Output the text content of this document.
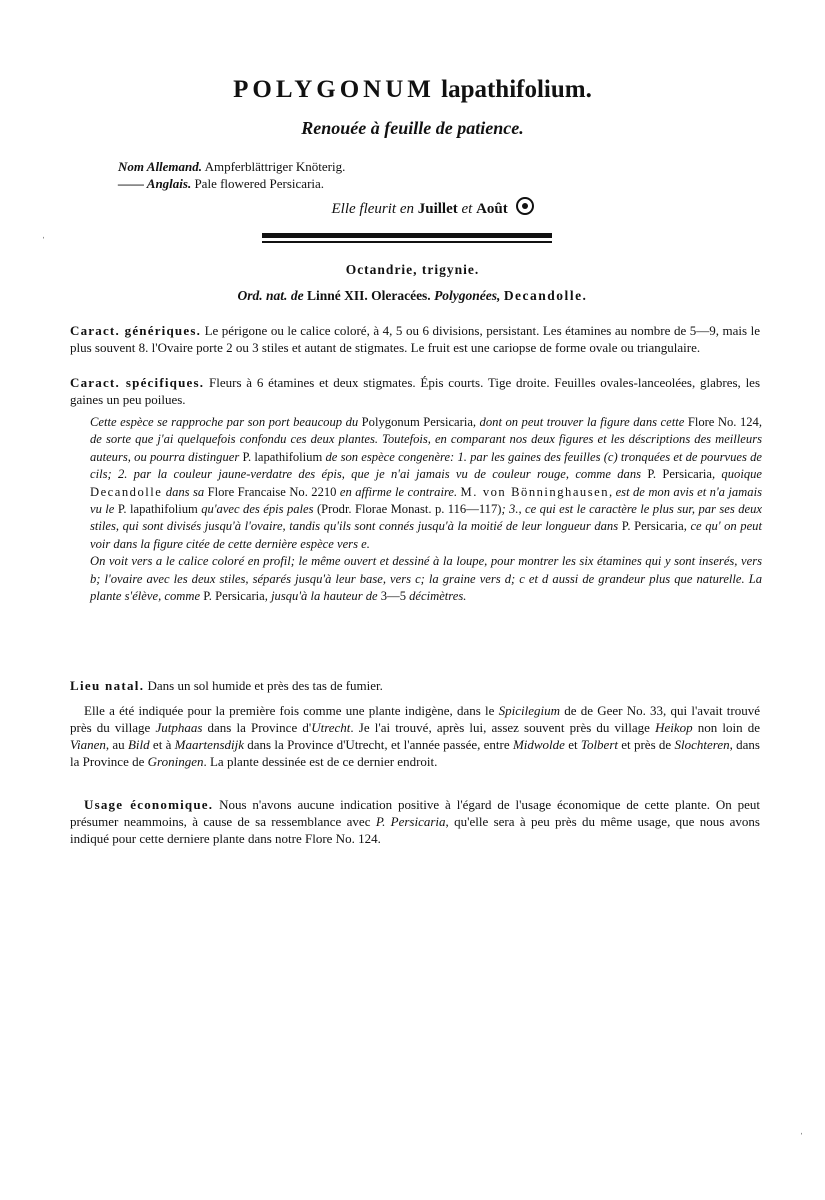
POLYGONUM lapathifolium.
Renouée à feuille de patience.
Nom Allemand. Ampferblättriger Knöterig.
—— Anglais. Pale flowered Persicaria.
Elle fleurit en Juillet et Août
Octandrie, trigynie.
Ord. nat. de Linné XII. Oleracées. Polygonées, Decandolle.
Caract. génériques. Le périgone ou le calice coloré, à 4, 5 ou 6 divisions, persistant. Les étamines au nombre de 5—9, mais le plus souvent 8. l'Ovaire porte 2 ou 3 stiles et autant de stigmates. Le fruit est une cariopse de forme ovale ou triangulaire.
Caract. spécifiques. Fleurs à 6 étamines et deux stigmates. Épis courts. Tige droite. Feuilles ovales-lanceolées, glabres, les gaines un peu poilues.

Cette espèce se rapproche par son port beaucoup du Polygonum Persicaria, dont on peut trouver la figure dans cette Flore No. 124, de sorte que j'ai quelquefois confondu ces deux plantes. Toutefois, en comparant nos deux figures et les déscriptions des meilleurs auteurs, ou pourra distinguer P. lapathifolium de son espèce congenère: 1. par les gaines des feuilles (c) tronquées et de pourvues de cils; 2. par la couleur jaune-verdatre des épis, que je n'ai jamais vu de couleur rouge, comme dans P. Persicaria, quoique Decandolle dans sa Flore Francaise No. 2210 en affirme le contraire. M. von Bönninghausen, est de mon avis et n'a jamais vu le P. lapathifolium qu'avec des épis pales (Prodr. Florae Monast. p. 116—117); 3., ce qui est le caractère le plus sur, par ses deux stiles, qui sont divisés jusqu'à l'ovaire, tandis qu'ils sont connés jusqu'à la moitié de leur longueur dans P. Persicaria, ce qu' on peut voir dans la figure citée de cette dernière espèce vers e.

On voit vers a le calice coloré en profil; le même ouvert et dessiné à la loupe, pour montrer les six étamines qui y sont inserés, vers b; l'ovaire avec les deux stiles, séparés jusqu'à leur base, vers c; la graine vers d; c et d aussi de grandeur plus que naturelle. La plante s'élève, comme P. Persicaria, jusqu'à la hauteur de 3—5 décimètres.

Lieu natal. Dans un sol humide et près des tas de fumier.
Elle a été indiquée pour la première fois comme une plante indigène, dans le Spicilegium de de Geer No. 33, qui l'avait trouvé près du village Jutphaas dans la Province d'Utrecht. Je l'ai trouvé, après lui, assez souvent près du village Heikop non loin de Vianen, au Bild et à Maartensdijk dans la Province d'Utrecht, et l'année passée, entre Midwolde et Tolbert et près de Slochteren, dans la Province de Groningen. La plante dessinée est de ce dernier endroit.
Usage économique. Nous n'avons aucune indication positive à l'égard de l'usage économique de cette plante. On peut présumer neammoins, à cause de sa ressemblance avec P. Persicaria, qu'elle sera à peu près du même usage, que nous avons indiqué pour cette derniere plante dans notre Flore No. 124.
ˈ
ˈ
